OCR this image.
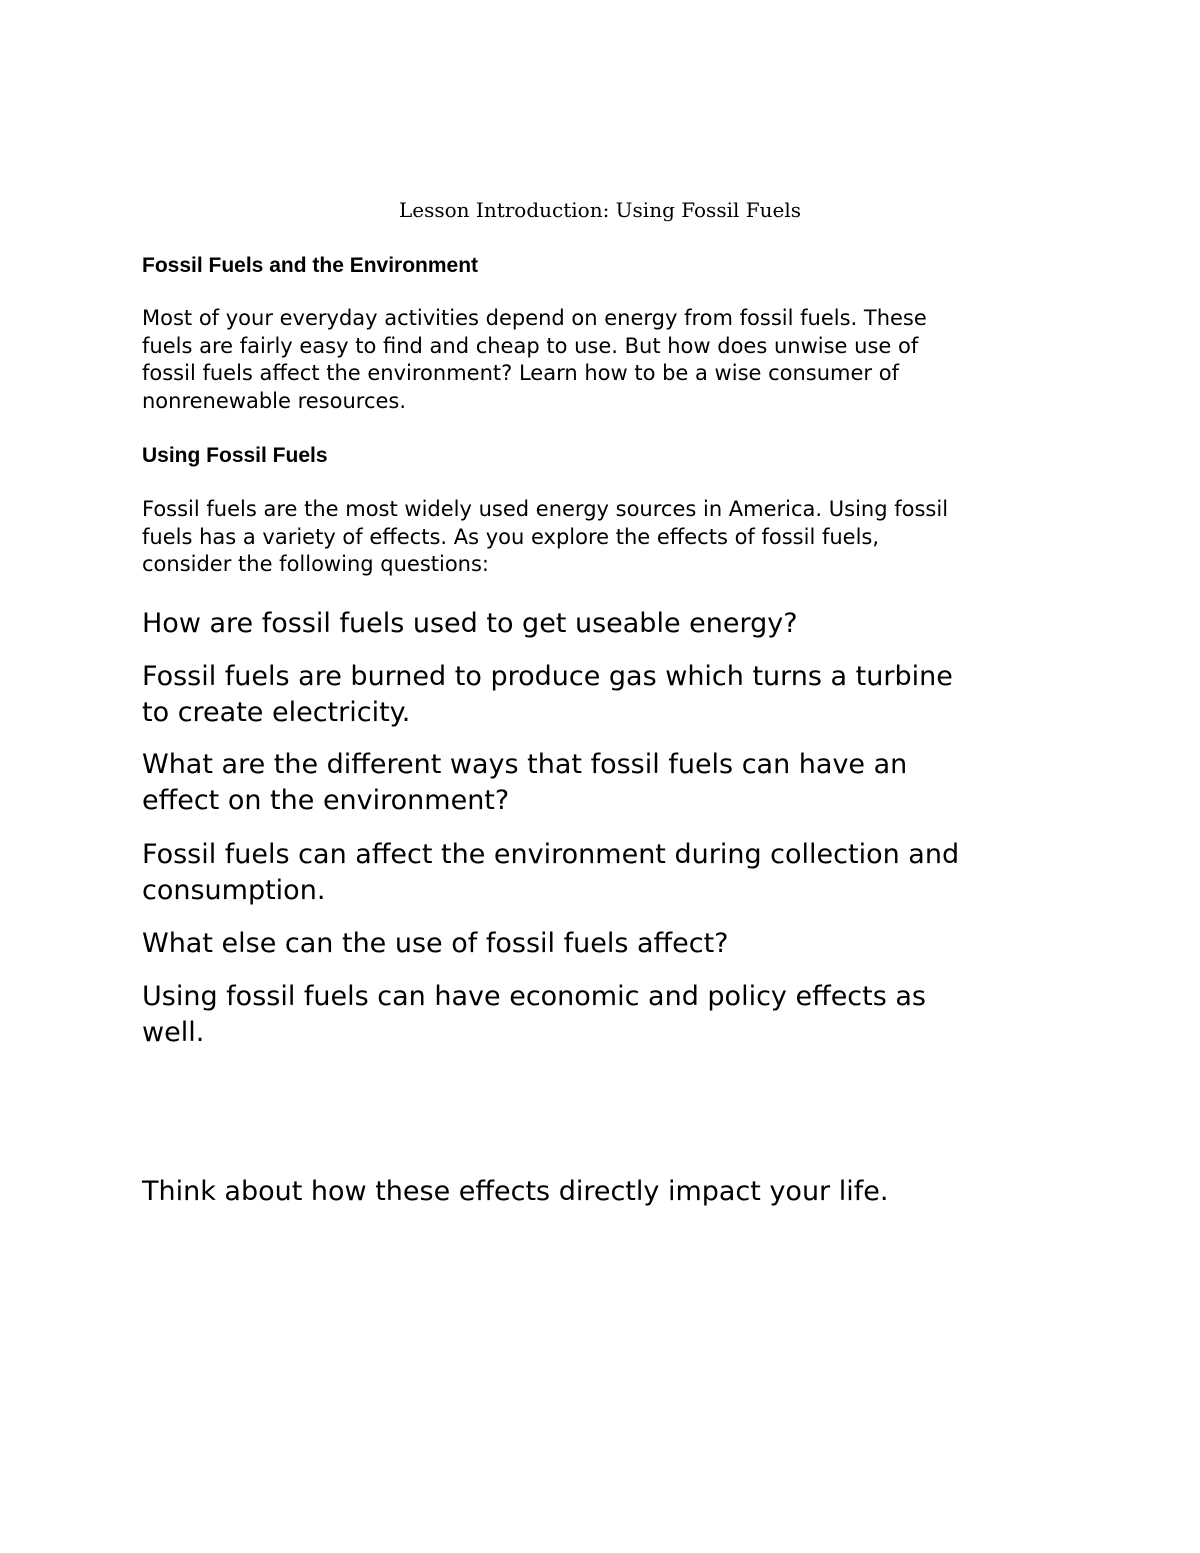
Lesson Introduction: Using Fossil Fuels
Fossil Fuels and the Environment
Most of your everyday activities depend on energy from fossil fuels. These
fuels are fairly easy to find and cheap to use. But how does unwise use of
fossil fuels affect the environment? Learn how to be a wise consumer of
nonrenewable resources.
Using Fossil Fuels
Fossil fuels are the most widely used energy sources in America. Using fossil
fuels has a variety of effects. As you explore the effects of fossil fuels,
consider the following questions:
How are fossil fuels used to get useable energy?
Fossil fuels are burned to produce gas which turns a turbine
to create electricity.
What are the different ways that fossil fuels can have an
effect on the environment?
Fossil fuels can affect the environment during collection and
consumption.
What else can the use of fossil fuels affect?
Using fossil fuels can have economic and policy effects as
well.
Think about how these effects directly impact your life.
